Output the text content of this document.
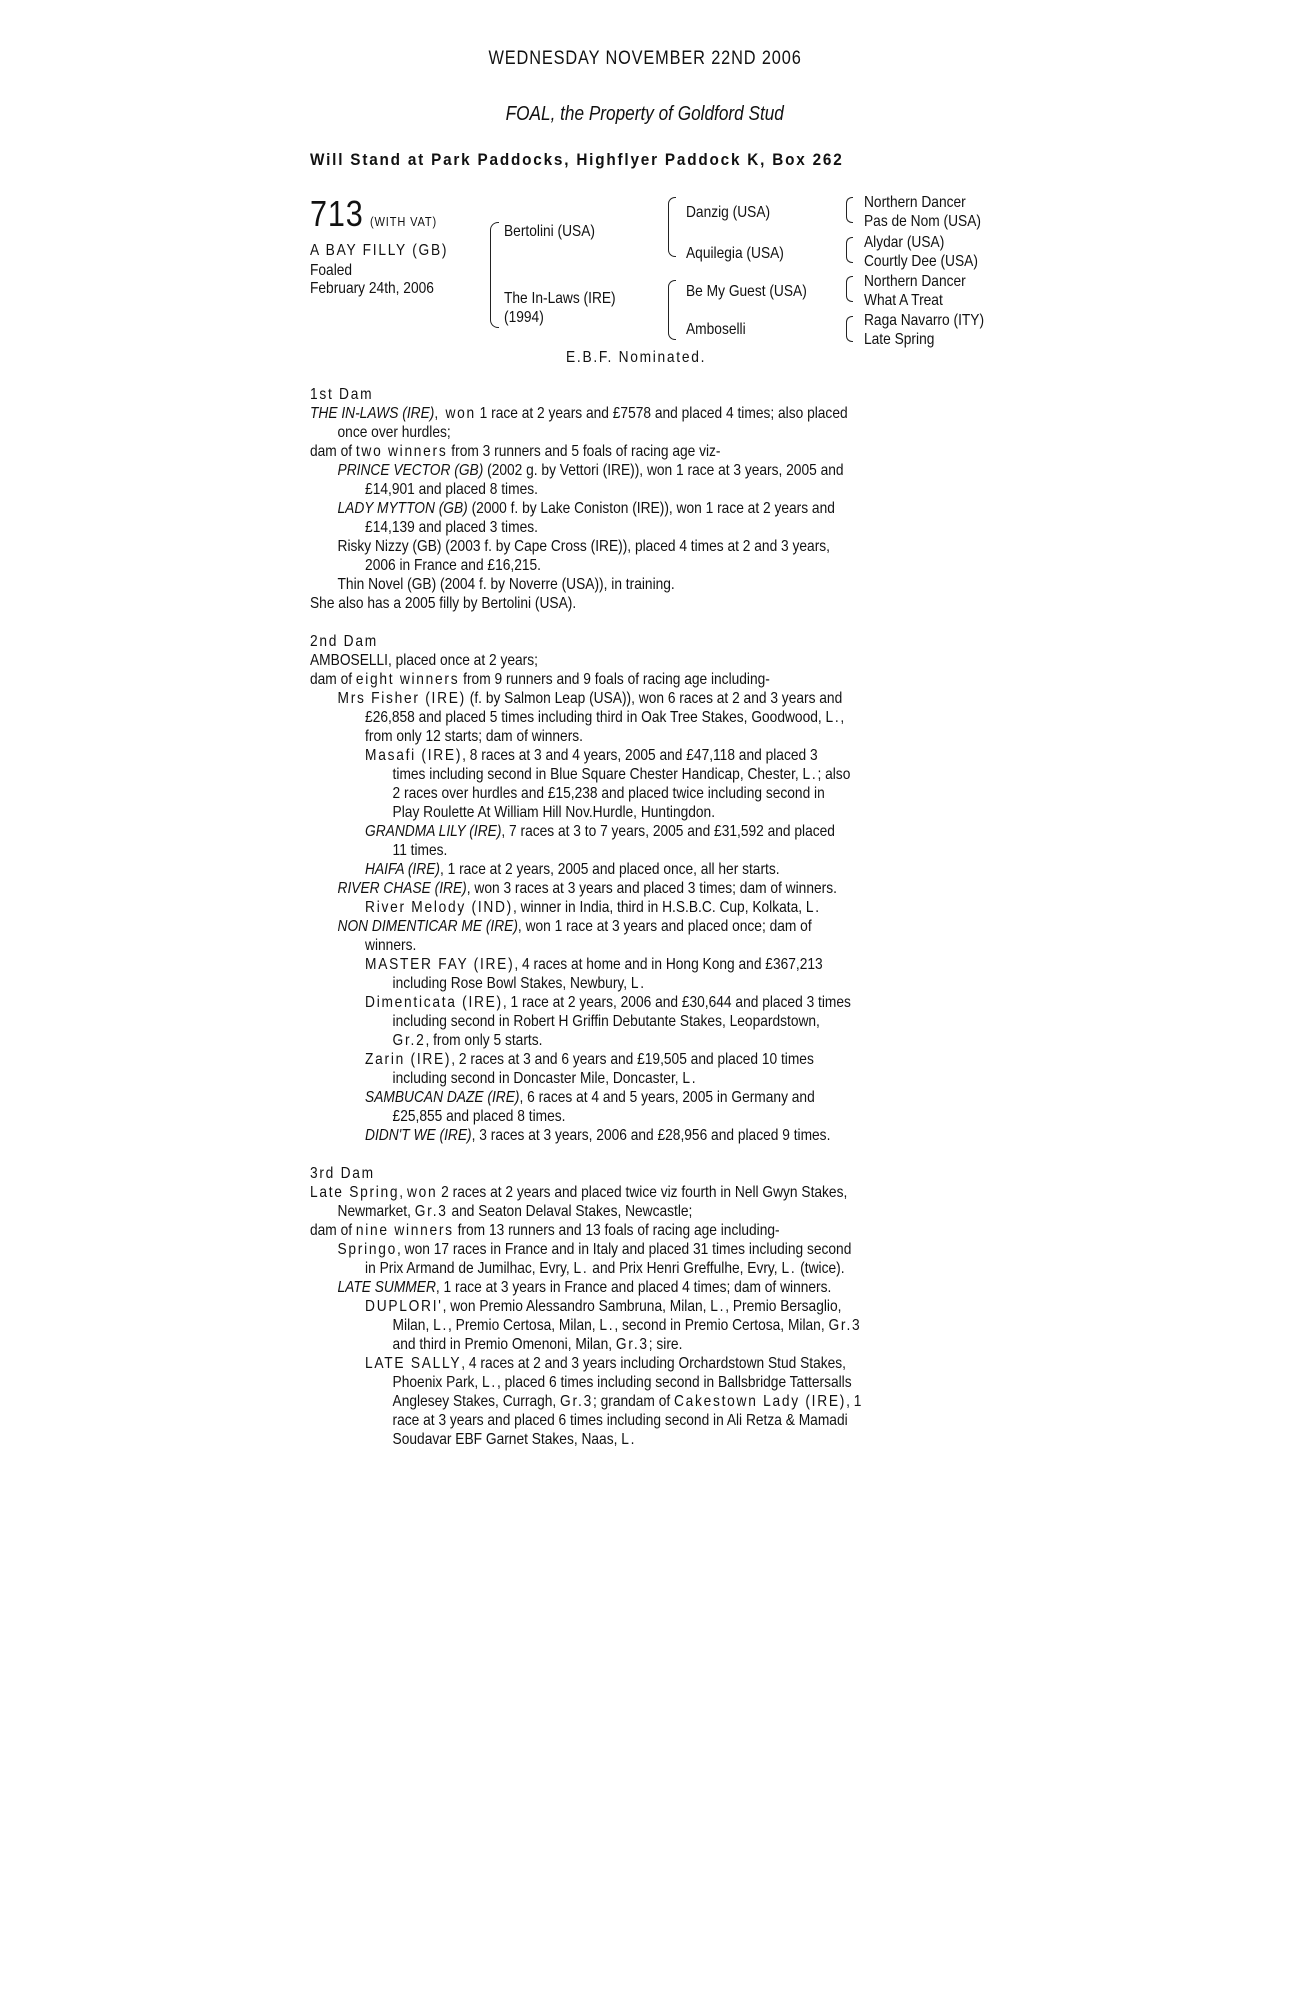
WEDNESDAY NOVEMBER 22ND 2006
FOAL, the Property of Goldford Stud
Will Stand at Park Paddocks, Highflyer Paddock K, Box 262
713 (WITH VAT)
A BAY FILLY (GB)
Foaled
February 24th, 2006
Bertolini (USA)
The In-Laws (IRE)
(1994)
Danzig (USA)
Aquilegia (USA)
Be My Guest (USA)
Amboselli
Northern Dancer
Pas de Nom (USA)
Alydar (USA)
Courtly Dee (USA)
Northern Dancer
What A Treat
Raga Navarro (ITY)
Late Spring
E.B.F. Nominated.
1st Dam
THE IN-LAWS (IRE), won 1 race at 2 years and £7578 and placed 4 times; also placed
once over hurdles;
dam of two winners from 3 runners and 5 foals of racing age viz-
PRINCE VECTOR (GB) (2002 g. by Vettori (IRE)), won 1 race at 3 years, 2005 and
£14,901 and placed 8 times.
LADY MYTTON (GB) (2000 f. by Lake Coniston (IRE)), won 1 race at 2 years and
£14,139 and placed 3 times.
Risky Nizzy (GB) (2003 f. by Cape Cross (IRE)), placed 4 times at 2 and 3 years,
2006 in France and £16,215.
Thin Novel (GB) (2004 f. by Noverre (USA)), in training.
She also has a 2005 filly by Bertolini (USA).
2nd Dam
AMBOSELLI, placed once at 2 years;
dam of eight winners from 9 runners and 9 foals of racing age including-
Mrs Fisher (IRE) (f. by Salmon Leap (USA)), won 6 races at 2 and 3 years and
£26,858 and placed 5 times including third in Oak Tree Stakes, Goodwood, L.,
from only 12 starts; dam of winners.
Masafi (IRE), 8 races at 3 and 4 years, 2005 and £47,118 and placed 3
times including second in Blue Square Chester Handicap, Chester, L.; also
2 races over hurdles and £15,238 and placed twice including second in
Play Roulette At William Hill Nov.Hurdle, Huntingdon.
GRANDMA LILY (IRE), 7 races at 3 to 7 years, 2005 and £31,592 and placed
11 times.
HAIFA (IRE), 1 race at 2 years, 2005 and placed once, all her starts.
RIVER CHASE (IRE), won 3 races at 3 years and placed 3 times; dam of winners.
River Melody (IND), winner in India, third in H.S.B.C. Cup, Kolkata, L.
NON DIMENTICAR ME (IRE), won 1 race at 3 years and placed once; dam of
winners.
MASTER FAY (IRE), 4 races at home and in Hong Kong and £367,213
including Rose Bowl Stakes, Newbury, L.
Dimenticata (IRE), 1 race at 2 years, 2006 and £30,644 and placed 3 times
including second in Robert H Griffin Debutante Stakes, Leopardstown,
Gr.2, from only 5 starts.
Zarin (IRE), 2 races at 3 and 6 years and £19,505 and placed 10 times
including second in Doncaster Mile, Doncaster, L.
SAMBUCAN DAZE (IRE), 6 races at 4 and 5 years, 2005 in Germany and
£25,855 and placed 8 times.
DIDN'T WE (IRE), 3 races at 3 years, 2006 and £28,956 and placed 9 times.
3rd Dam
Late Spring, won 2 races at 2 years and placed twice viz fourth in Nell Gwyn Stakes,
Newmarket, Gr.3 and Seaton Delaval Stakes, Newcastle;
dam of nine winners from 13 runners and 13 foals of racing age including-
Springo, won 17 races in France and in Italy and placed 31 times including second
in Prix Armand de Jumilhac, Evry, L. and Prix Henri Greffulhe, Evry, L. (twice).
LATE SUMMER, 1 race at 3 years in France and placed 4 times; dam of winners.
DUPLORI', won Premio Alessandro Sambruna, Milan, L., Premio Bersaglio,
Milan, L., Premio Certosa, Milan, L., second in Premio Certosa, Milan, Gr.3
and third in Premio Omenoni, Milan, Gr.3; sire.
LATE SALLY, 4 races at 2 and 3 years including Orchardstown Stud Stakes,
Phoenix Park, L., placed 6 times including second in Ballsbridge Tattersalls
Anglesey Stakes, Curragh, Gr.3; grandam of Cakestown Lady (IRE), 1
race at 3 years and placed 6 times including second in Ali Retza & Mamadi
Soudavar EBF Garnet Stakes, Naas, L.
